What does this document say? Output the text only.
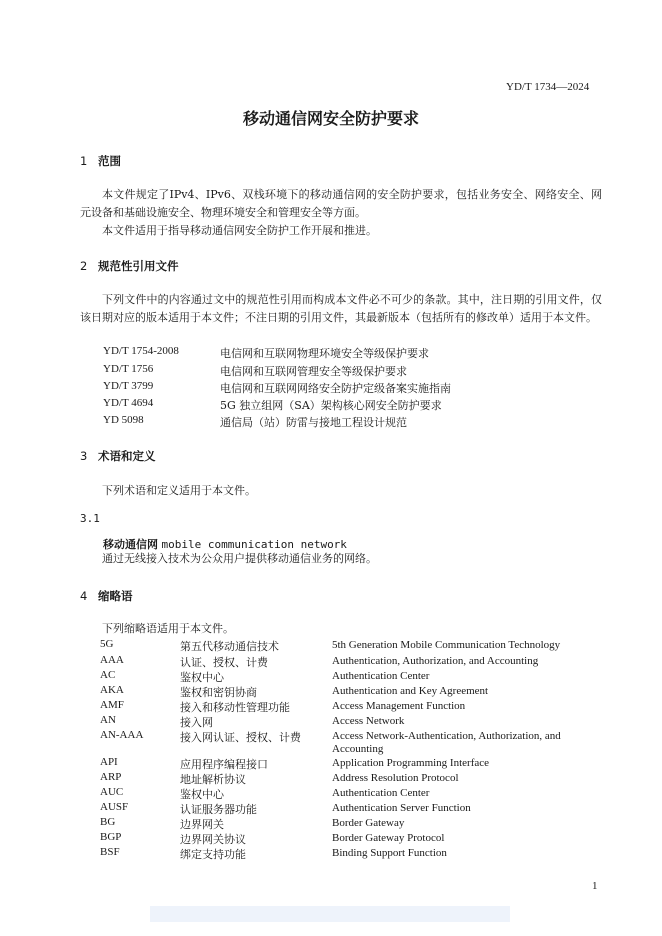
YD/T 1734—2024
移动通信网安全防护要求
1 范围
本文件规定了IPv4、IPv6、双栈环境下的移动通信网的安全防护要求，包括业务安全、网络安全、网元设备和基础设施安全、物理环境安全和管理安全等方面。
本文件适用于指导移动通信网安全防护工作开展和推进。
2 规范性引用文件
下列文件中的内容通过文中的规范性引用而构成本文件必不可少的条款。其中，注日期的引用文件，仅该日期对应的版本适用于本文件；不注日期的引用文件，其最新版本（包括所有的修改单）适用于本文件。
YD/T 1754-2008	电信网和互联网物理环境安全等级保护要求
YD/T 1756	电信网和互联网管理安全等级保护要求
YD/T 3799	电信网和互联网网络安全防护定级备案实施指南
YD/T 4694	5G 独立组网（SA）架构核心网安全防护要求
YD 5098	通信局（站）防雷与接地工程设计规范
3 术语和定义
下列术语和定义适用于本文件。
3.1
移动通信网 mobile communication network
通过无线接入技术为公众用户提供移动通信业务的网络。
4 缩略语
下列缩略语适用于本文件。
5G	第五代移动通信技术	5th Generation Mobile Communication Technology
AAA	认证、授权、计费	Authentication, Authorization, and Accounting
AC	鉴权中心	Authentication Center
AKA	鉴权和密钥协商	Authentication and Key Agreement
AMF	接入和移动性管理功能	Access Management Function
AN	接入网	Access Network
AN-AAA	接入网认证、授权、计费	Access Network-Authentication, Authorization, and Accounting
API	应用程序编程接口	Application Programming Interface
ARP	地址解析协议	Address Resolution Protocol
AUC	鉴权中心	Authentication Center
AUSF	认证服务器功能	Authentication Server Function
BG	边界网关	Border Gateway
BGP	边界网关协议	Border Gateway Protocol
BSF	绑定支持功能	Binding Support Function
1
